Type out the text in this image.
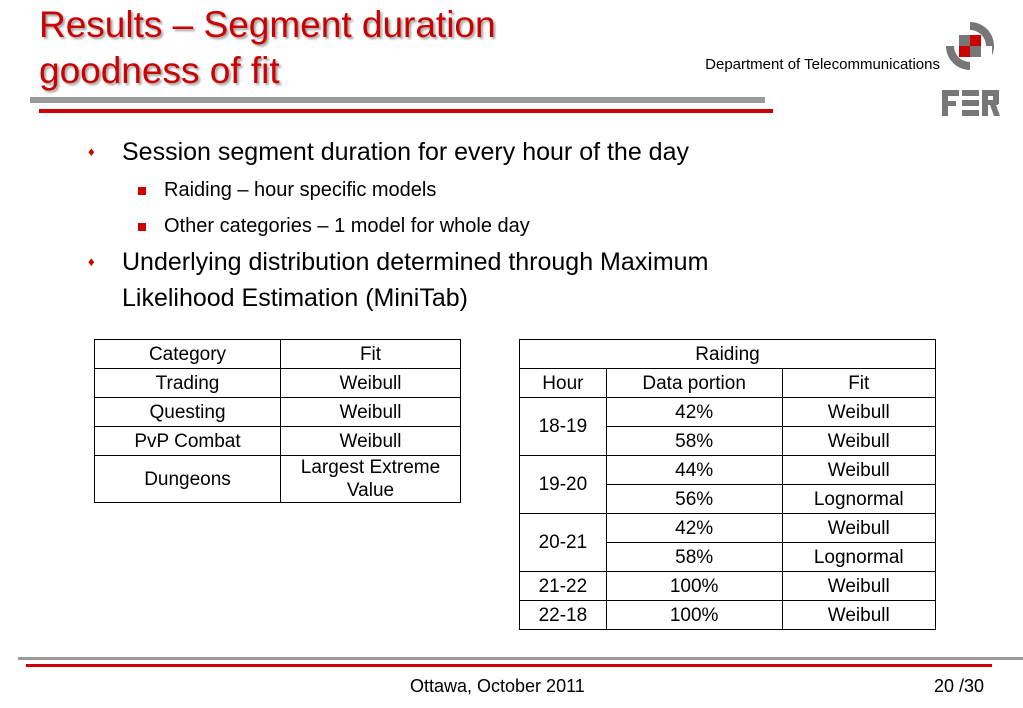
Results – Segment duration
goodness of fit	Department of Telecommunications
♦ Session segment duration for every hour of the day
Raiding – hour specific models
Other categories – 1 model for whole day
♦ Underlying distribution determined through Maximum
Likelihood Estimation (MiniTab)
Category	Fit
Trading	Weibull
Questing	Weibull
PvP Combat	Weibull
Dungeons	Largest Extreme Value
Raiding		
Hour	Data portion	Fit
18-19	42%	Weibull
	58%	Weibull
19-20	44%	Weibull
	56%	Lognormal
20-21	42%	Weibull
	58%	Lognormal
21-22	100%	Weibull
22-18	100%	Weibull
Ottawa, October 2011	20 /30
